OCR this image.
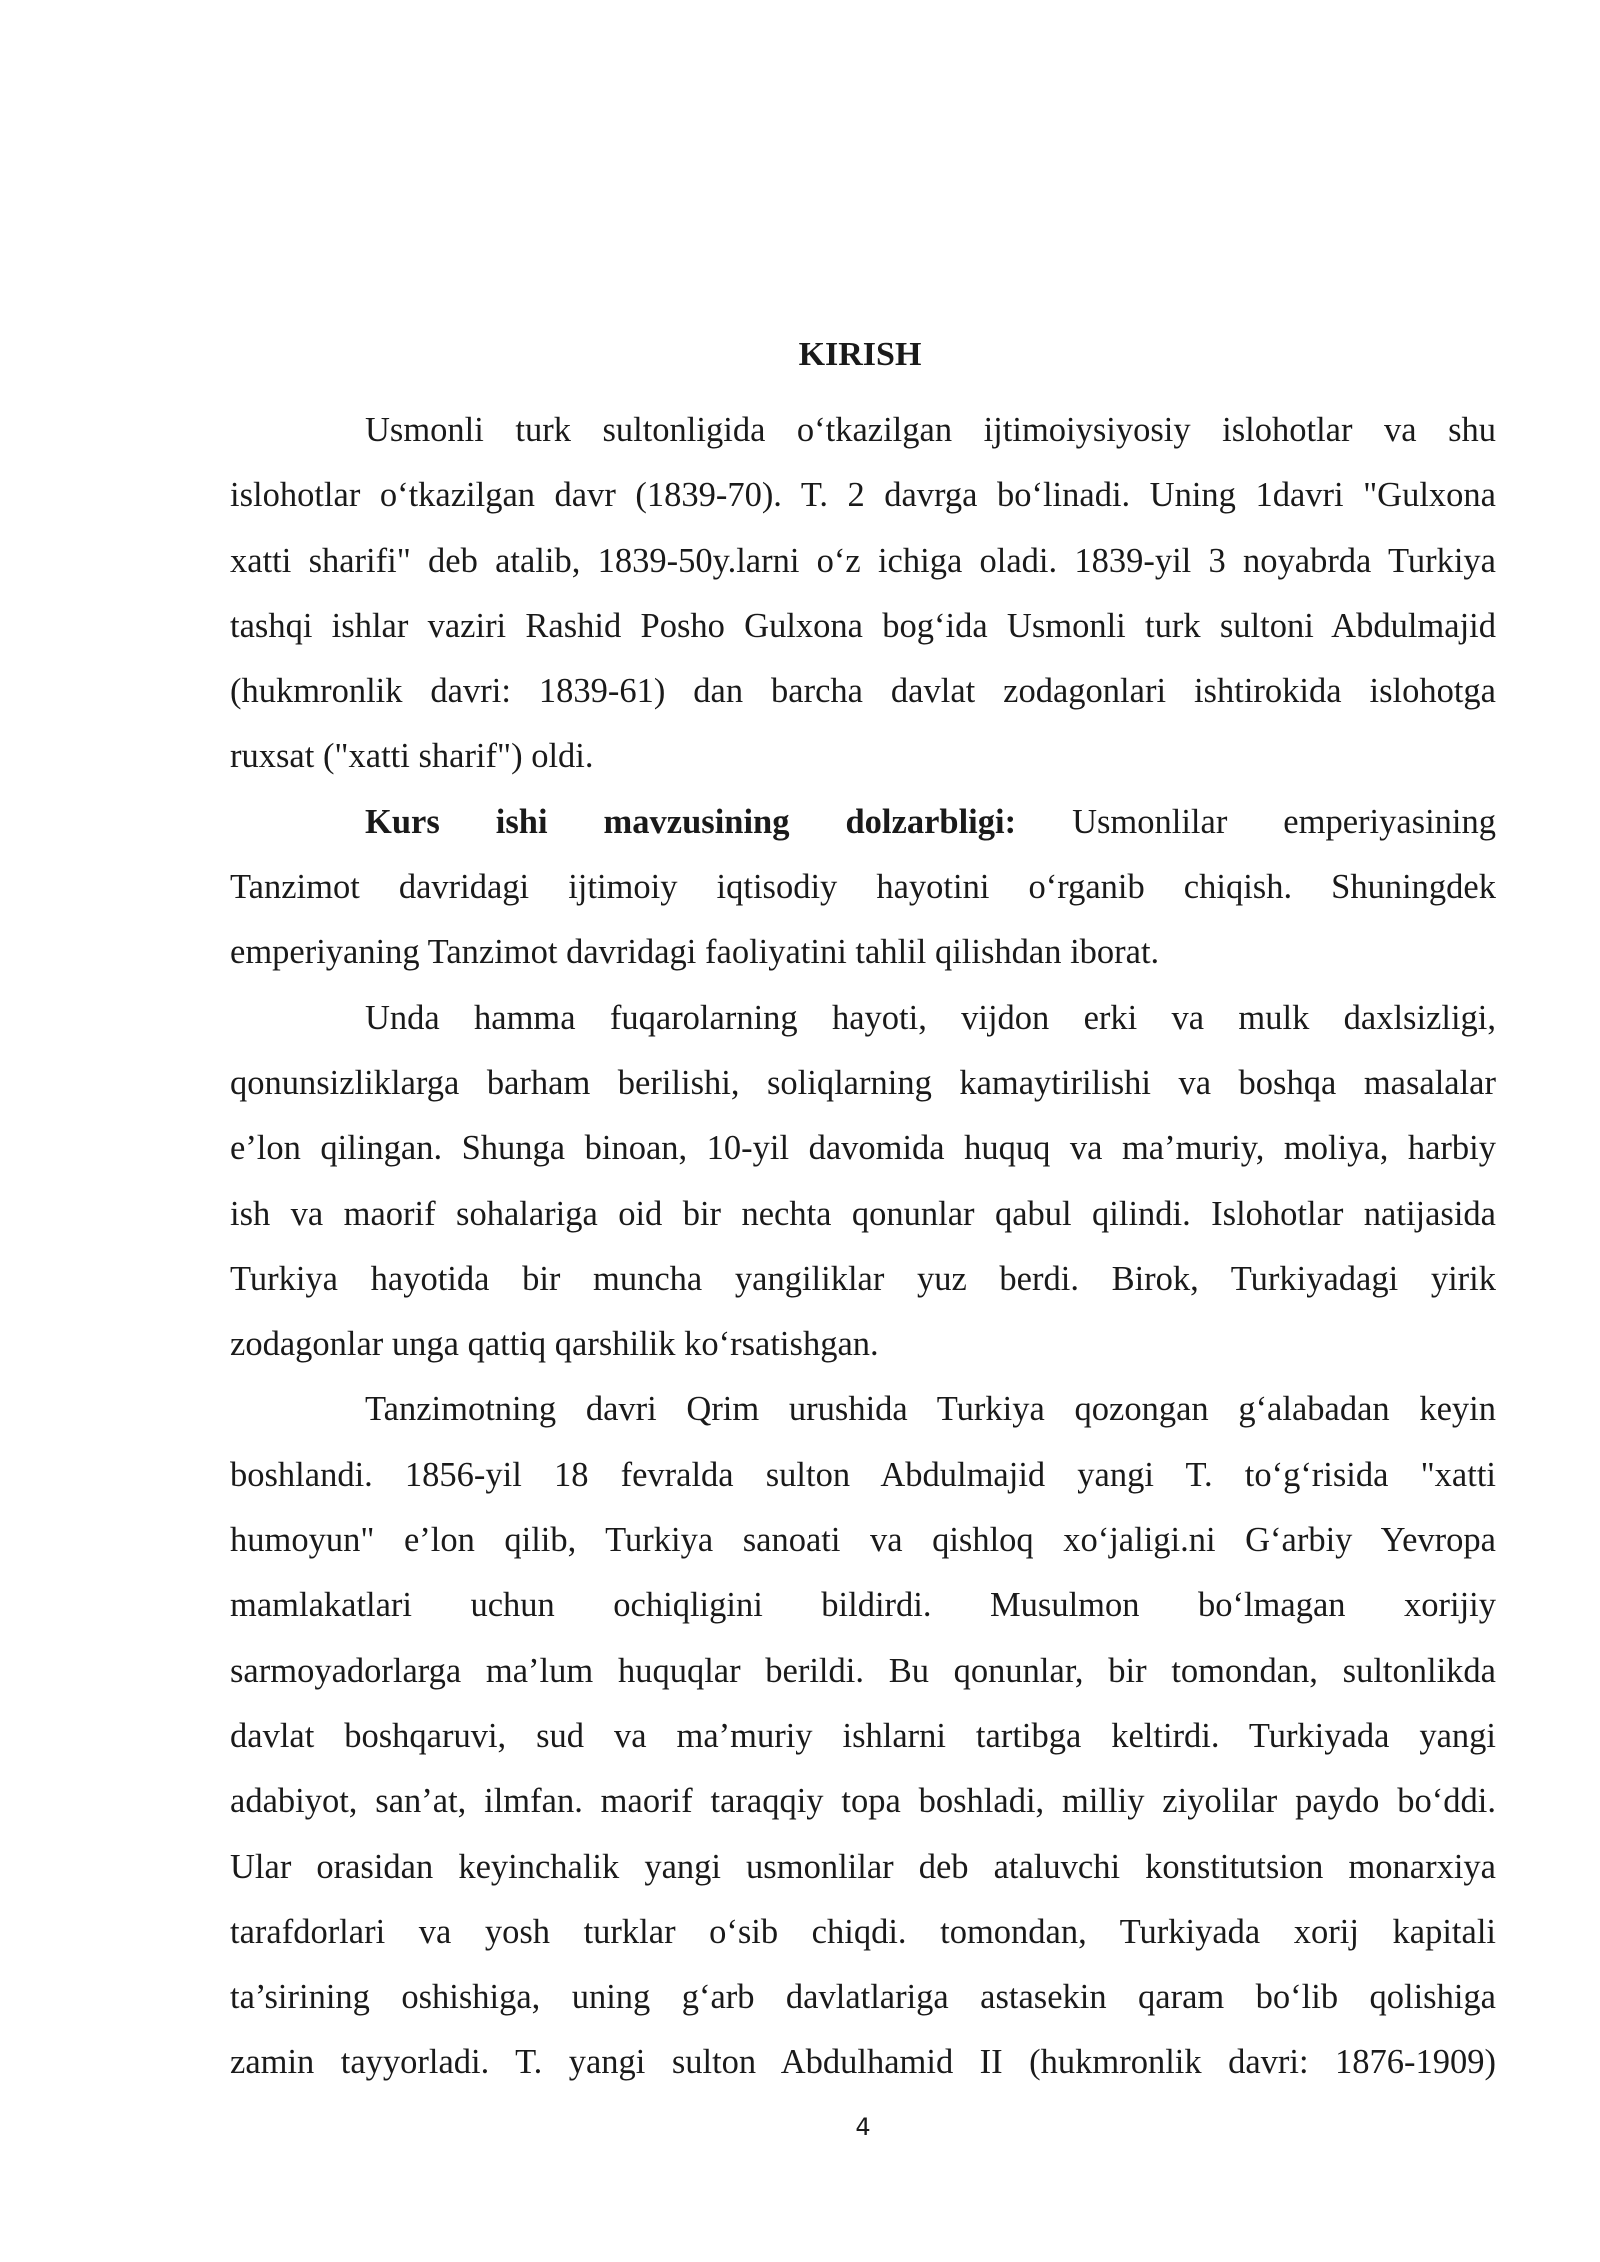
KIRISH

Usmonli turk sultonligida o‘tkazilgan ijtimoiysiyosiy islohotlar va shu
islohotlar o‘tkazilgan davr (1839-70). T. 2 davrga bo‘linadi. Uning 1davri "Gulxona
xatti sharifi" deb atalib, 1839-50y.larni o‘z ichiga oladi. 1839-yil 3 noyabrda Turkiya
tashqi ishlar vaziri Rashid Posho Gulxona bog‘ida Usmonli turk sultoni Abdulmajid
(hukmronlik davri: 1839-61) dan barcha davlat zodagonlari ishtirokida islohotga
ruxsat ("xatti sharif") oldi.

Kurs ishi mavzusining dolzarbligi: Usmonlilar emperiyasining
Tanzimot davridagi ijtimoiy iqtisodiy hayotini o‘rganib chiqish. Shuningdek
emperiyaning Tanzimot davridagi faoliyatini tahlil qilishdan iborat.

Unda hamma fuqarolarning hayoti, vijdon erki va mulk daxlsizligi,
qonunsizliklarga barham berilishi, soliqlarning kamaytirilishi va boshqa masalalar
e’lon qilingan. Shunga binoan, 10-yil davomida huquq va ma’muriy, moliya, harbiy
ish va maorif sohalariga oid bir nechta qonunlar qabul qilindi. Islohotlar natijasida
Turkiya hayotida bir muncha yangiliklar yuz berdi. Birok, Turkiyadagi yirik
zodagonlar unga qattiq qarshilik ko‘rsatishgan.

Tanzimotning davri Qrim urushida Turkiya qozongan g‘alabadan keyin
boshlandi. 1856-yil 18 fevralda sulton Abdulmajid yangi T. to‘g‘risida "xatti
humoyun" e’lon qilib, Turkiya sanoati va qishloq xo‘jaligi.ni G‘arbiy Yevropa
mamlakatlari uchun ochiqligini bildirdi. Musulmon bo‘lmagan xorijiy
sarmoyadorlarga ma’lum huquqlar berildi. Bu qonunlar, bir tomondan, sultonlikda
davlat boshqaruvi, sud va ma’muriy ishlarni tartibga keltirdi. Turkiyada yangi
adabiyot, san’at, ilmfan. maorif taraqqiy topa boshladi, milliy ziyolilar paydo bo‘ddi.
Ular orasidan keyinchalik yangi usmonlilar deb ataluvchi konstitutsion monarxiya
tarafdorlari va yosh turklar o‘sib chiqdi. tomondan, Turkiyada xorij kapitali
ta’sirining oshishiga, uning g‘arb davlatlariga astasekin qaram bo‘lib qolishiga
zamin tayyorladi. T. yangi sulton Abdulhamid II (hukmronlik davri: 1876-1909)

4
